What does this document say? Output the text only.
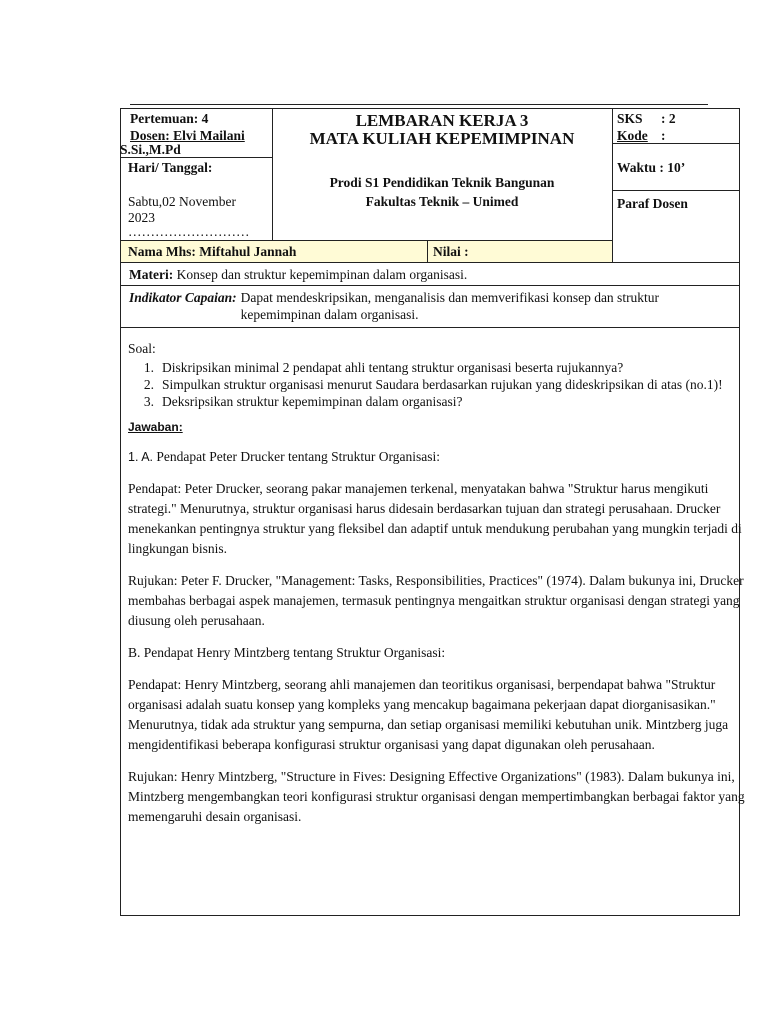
Pertemuan: 4
Dosen: Elvi Mailani
S.Si.,M.Pd
Hari/ Tanggal:
Sabtu,02 November
2023
………………………
LEMBARAN KERJA 3
MATA KULIAH KEPEMIMPINAN
Prodi S1 Pendidikan Teknik Bangunan
Fakultas Teknik – Unimed
SKS : 2
Kode :
Waktu : 10’
Paraf Dosen
Nama Mhs: Miftahul Jannah	Nilai :
Materi: Konsep dan struktur kepemimpinan dalam organisasi.
Indikator Capaian: Dapat mendeskripsikan, menganalisis dan memverifikasi konsep dan struktur kepemimpinan dalam organisasi.
Soal:
1. Diskripsikan minimal 2 pendapat ahli tentang struktur organisasi beserta rujukannya?
2. Simpulkan struktur organisasi menurut Saudara berdasarkan rujukan yang dideskripsikan di atas (no.1)!
3. Deksripsikan struktur kepemimpinan dalam organisasi?
Jawaban:

1. A. Pendapat Peter Drucker tentang Struktur Organisasi:

Pendapat: Peter Drucker, seorang pakar manajemen terkenal, menyatakan bahwa "Struktur harus mengikuti strategi." Menurutnya, struktur organisasi harus didesain berdasarkan tujuan dan strategi perusahaan. Drucker menekankan pentingnya struktur yang fleksibel dan adaptif untuk mendukung perubahan yang mungkin terjadi di lingkungan bisnis.

Rujukan: Peter F. Drucker, "Management: Tasks, Responsibilities, Practices" (1974). Dalam bukunya ini, Drucker membahas berbagai aspek manajemen, termasuk pentingnya mengaitkan struktur organisasi dengan strategi yang diusung oleh perusahaan.

B. Pendapat Henry Mintzberg tentang Struktur Organisasi:

Pendapat: Henry Mintzberg, seorang ahli manajemen dan teoritikus organisasi, berpendapat bahwa "Struktur organisasi adalah suatu konsep yang kompleks yang mencakup bagaimana pekerjaan dapat diorganisasikan." Menurutnya, tidak ada struktur yang sempurna, dan setiap organisasi memiliki kebutuhan unik. Mintzberg juga mengidentifikasi beberapa konfigurasi struktur organisasi yang dapat digunakan oleh perusahaan.

Rujukan: Henry Mintzberg, "Structure in Fives: Designing Effective Organizations" (1983). Dalam bukunya ini, Mintzberg mengembangkan teori konfigurasi struktur organisasi dengan mempertimbangkan berbagai faktor yang memengaruhi desain organisasi.
